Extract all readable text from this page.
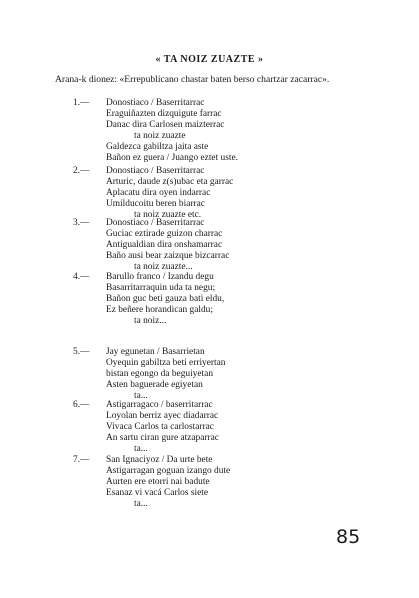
« TA NOIZ ZUAZTE »
Arana-k dionez: «Errepublicano chastar baten berso chartzar zacarrac».
1.— Donostiaco / Baserritarrac
Eraguiñazten dizquigute farrac
Danac dira Carlosen maizterrac
ta noiz zuazte
Galdezca gabiltza jaita aste
Bañon ez guera / Juango eztet uste.
2.— Donostiaco / Baserritarrac
Arturic, daude z(s)ubac eta garrac
Aplacatu dira oyen indarrac
Umilducoitu beren biarrac
ta noiz zuazte etc.
3.— Donostiaco / Baserritarrac
Guciac eztirade guizon charrac
Antigualdian dira onshamarrac
Baño ausi bear zaizque bizcarrac
ta noiz zuazte...
4.— Barullo franco / Izandu degu
Basarritarraquin uda ta negu;
Bañon guc beti gauza bati eldu,
Ez beñere horandican galdu;
ta noiz...
5.— Jay egunetan / Basarrietan
Oyequin gabiltza beti erriyertan
bistan egongo da beguiyetan
Asten baguerade egiyetan
ta...
6.— Astigarragaco / baserritarrac
Loyolan berriz ayec diadarrac
Vivaca Carlos ta carlostarrac
An sartu ciran gure atzaparrac
ta...
7.— San Ignaciyoz / Da urte bete
Astigarragan goguan izango dute
Aurten ere etorri nai badute
Esanaz vi vacá Carlos siete
ta...
85
